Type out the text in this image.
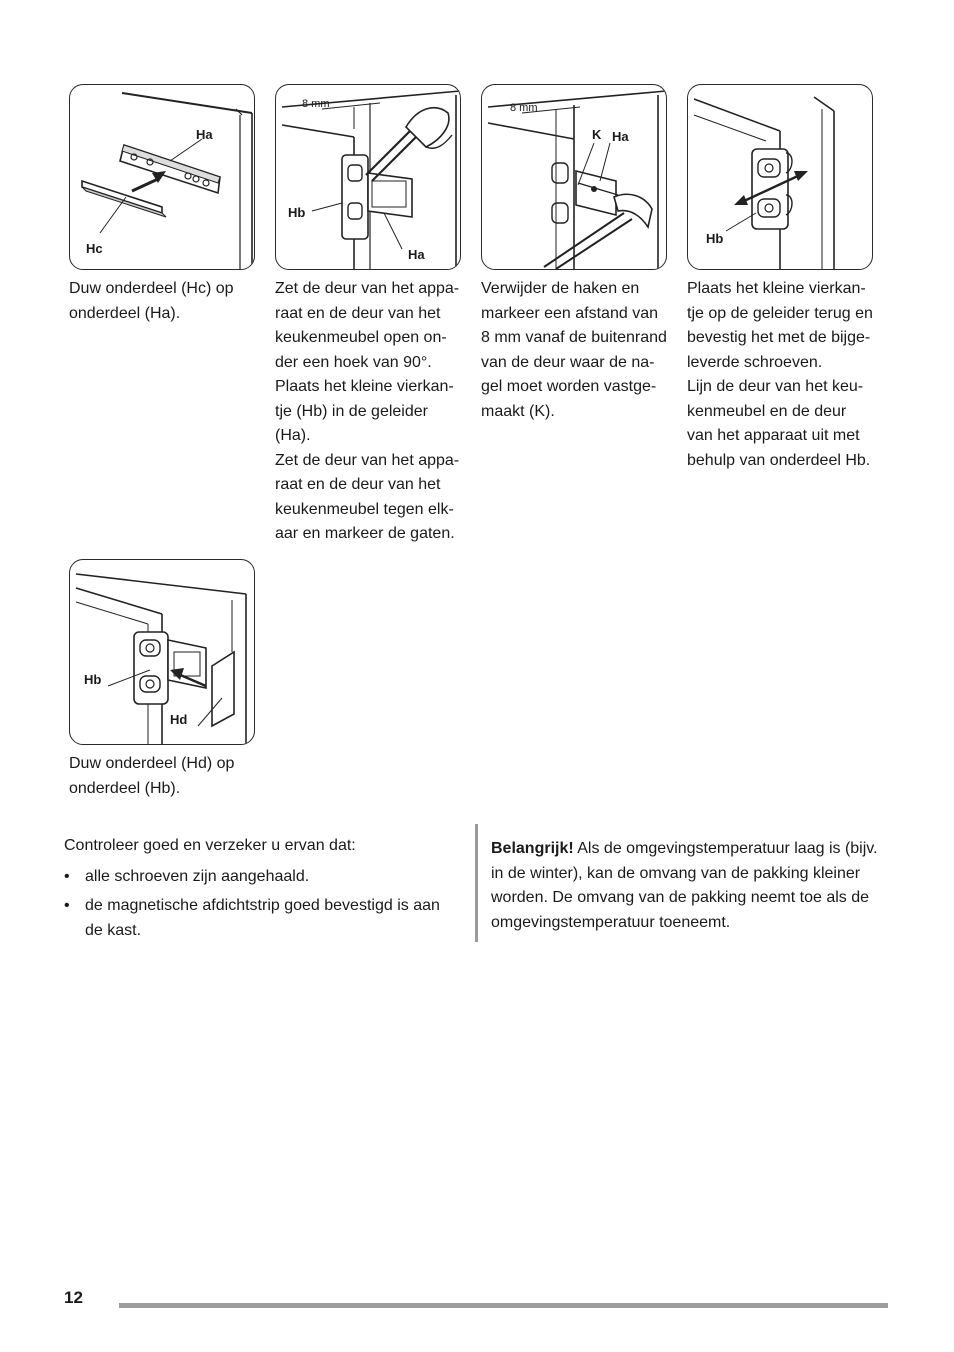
Ha
Hc
8 mm
Hb
Ha
8 mm
K Ha
Hb
Hb
Hd
Duw onderdeel (Hc) op
onderdeel (Ha).
Zet de deur van het appa-
raat en de deur van het
keukenmeubel open on-
der een hoek van 90°.
Plaats het kleine vierkan-
tje (Hb) in de geleider
(Ha).
Zet de deur van het appa-
raat en de deur van het
keukenmeubel tegen elk-
aar en markeer de gaten.
Verwijder de haken en
markeer een afstand van
8 mm vanaf de buitenrand
van de deur waar de na-
gel moet worden vastge-
maakt (K).
Plaats het kleine vierkan-
tje op de geleider terug en
bevestig het met de bijge-
leverde schroeven.
Lijn de deur van het keu-
kenmeubel en de deur
van het apparaat uit met
behulp van onderdeel Hb.
Duw onderdeel (Hd) op
onderdeel (Hb).

Controleer goed en verzeker u ervan dat:

• alle schroeven zijn aangehaald.
• de magnetische afdichtstrip goed bevestigd is aan de kast.
Belangrijk! Als de omgevingstemperatuur laag is (bijv. in de winter), kan de omvang van de pakking kleiner worden. De omvang van de pakking neemt toe als de omgevingstemperatuur toeneemt.
12
